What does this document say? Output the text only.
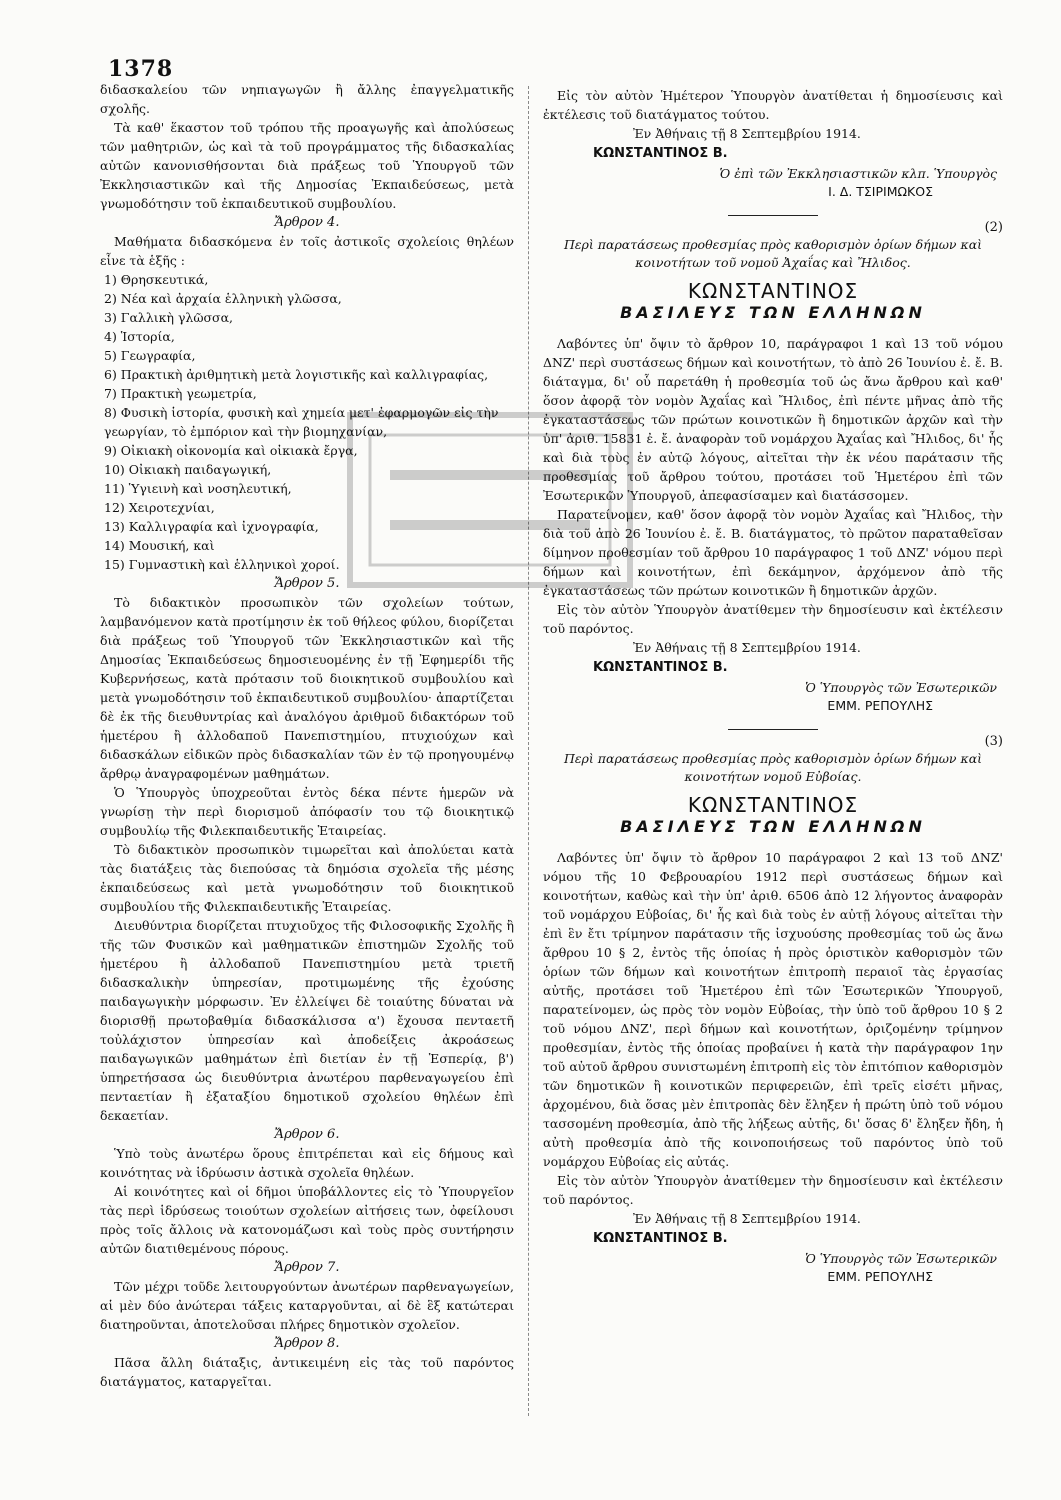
1378

διδασκαλείου τῶν νηπιαγωγῶν ἢ ἄλλης ἐπαγγελματικῆς σχολῆς.

Τὰ καθ' ἕκαστον τοῦ τρόπου τῆς προαγωγῆς καὶ ἀπολύσεως τῶν μαθητριῶν, ὡς καὶ τὰ τοῦ προγράμματος τῆς διδασκαλίας αὐτῶν κανονισθήσονται διὰ πράξεως τοῦ Ὑπουργοῦ τῶν Ἐκκλησιαστικῶν καὶ τῆς Δημοσίας Ἐκπαιδεύσεως, μετὰ γνωμοδότησιν τοῦ ἐκπαιδευτικοῦ συμβουλίου.

Ἄρθρον 4.

Μαθήματα διδασκόμενα ἐν τοῖς ἀστικοῖς σχολείοις θηλέων εἶνε τὰ ἑξῆς :

1) Θρησκευτικά,

2) Νέα καὶ ἀρχαία ἑλληνικὴ γλῶσσα,

3) Γαλλικὴ γλῶσσα,

4) Ἱστορία,

5) Γεωγραφία,

6) Πρακτικὴ ἀριθμητικὴ μετὰ λογιστικῆς καὶ καλλιγραφίας,

7) Πρακτικὴ γεωμετρία,

8) Φυσικὴ ἱστορία, φυσικὴ καὶ χημεία μετ' ἐφαρμογῶν εἰς τὴν γεωργίαν, τὸ ἐμπόριον καὶ τὴν βιομηχανίαν,

9) Οἰκιακὴ οἰκονομία καὶ οἰκιακὰ ἔργα,

10) Οἰκιακὴ παιδαγωγική,

11) Ὑγιεινὴ καὶ νοσηλευτική,

12) Χειροτεχνίαι,

13) Καλλιγραφία καὶ ἰχνογραφία,

14) Μουσική, καὶ

15) Γυμναστικὴ καὶ ἑλληνικοὶ χοροί.

Ἄρθρον 5.

Τὸ διδακτικὸν προσωπικὸν τῶν σχολείων τούτων, λαμβανόμενον κατὰ προτίμησιν ἐκ τοῦ θήλεος φύλου, διορίζεται διὰ πράξεως τοῦ Ὑπουργοῦ τῶν Ἐκκλησιαστικῶν καὶ τῆς Δημοσίας Ἐκπαιδεύσεως δημοσιευομένης ἐν τῇ Ἐφημερίδι τῆς Κυβερνήσεως, κατὰ πρότασιν τοῦ διοικητικοῦ συμβουλίου καὶ μετὰ γνωμοδότησιν τοῦ ἐκπαιδευτικοῦ συμβουλίου· ἀπαρτίζεται δὲ ἐκ τῆς διευθυντρίας καὶ ἀναλόγου ἀριθμοῦ διδακτόρων τοῦ ἡμετέρου ἢ ἀλλοδαποῦ Πανεπιστημίου, πτυχιούχων καὶ διδασκάλων εἰδικῶν πρὸς διδασκαλίαν τῶν ἐν τῷ προηγουμένῳ ἄρθρῳ ἀναγραφομένων μαθημάτων.

Ὁ Ὑπουργὸς ὑποχρεοῦται ἐντὸς δέκα πέντε ἡμερῶν νὰ γνωρίσῃ τὴν περὶ διορισμοῦ ἀπόφασίν του τῷ διοικητικῷ συμβουλίῳ τῆς Φιλεκπαιδευτικῆς Ἑταιρείας.

Τὸ διδακτικὸν προσωπικὸν τιμωρεῖται καὶ ἀπολύεται κατὰ τὰς διατάξεις τὰς διεπούσας τὰ δημόσια σχολεῖα τῆς μέσης ἐκπαιδεύσεως καὶ μετὰ γνωμοδότησιν τοῦ διοικητικοῦ συμβουλίου τῆς Φιλεκπαιδευτικῆς Ἑταιρείας.

Διευθύντρια διορίζεται πτυχιοῦχος τῆς Φιλοσοφικῆς Σχολῆς ἢ τῆς τῶν Φυσικῶν καὶ μαθηματικῶν ἐπιστημῶν Σχολῆς τοῦ ἡμετέρου ἢ ἀλλοδαποῦ Πανεπιστημίου μετὰ τριετῆ διδασκαλικὴν ὑπηρεσίαν, προτιμωμένης τῆς ἐχούσης παιδαγωγικὴν μόρφωσιν. Ἐν ἐλλείψει δὲ τοιαύτης δύναται νὰ διορισθῇ πρωτοβαθμία διδασκάλισσα α') ἔχουσα πενταετῆ τοὐλάχιστον ὑπηρεσίαν καὶ ἀποδείξεις ἀκροάσεως παιδαγωγικῶν μαθημάτων ἐπὶ διετίαν ἐν τῇ Ἑσπερίᾳ, β') ὑπηρετήσασα ὡς διευθύντρια ἀνωτέρου παρθεναγωγείου ἐπὶ πενταετίαν ἢ ἐξαταξίου δημοτικοῦ σχολείου θηλέων ἐπὶ δεκαετίαν.

Ἄρθρον 6.

Ὑπὸ τοὺς ἀνωτέρω ὅρους ἐπιτρέπεται καὶ εἰς δήμους καὶ κοινότητας νὰ ἱδρύωσιν ἀστικὰ σχολεῖα θηλέων.

Αἱ κοινότητες καὶ οἱ δῆμοι ὑποβάλλοντες εἰς τὸ Ὑπουργεῖον τὰς περὶ ἱδρύσεως τοιούτων σχολείων αἰτήσεις των, ὀφείλουσι πρὸς τοῖς ἄλλοις νὰ κατονομάζωσι καὶ τοὺς πρὸς συντήρησιν αὐτῶν διατιθεμένους πόρους.

Ἄρθρον 7.

Τῶν μέχρι τοῦδε λειτουργούντων ἀνωτέρων παρθεναγωγείων, αἱ μὲν δύο ἀνώτεραι τάξεις καταργοῦνται, αἱ δὲ ἓξ κατώτεραι διατηροῦνται, ἀποτελοῦσαι πλήρες δημοτικὸν σχολεῖον.

Ἄρθρον 8.

Πᾶσα ἄλλη διάταξις, ἀντικειμένη εἰς τὰς τοῦ παρόντος διατάγματος, καταργεῖται.

Εἰς τὸν αὐτὸν Ἡμέτερον Ὑπουργὸν ἀνατίθεται ἡ δημοσίευσις καὶ ἐκτέλεσις τοῦ διατάγματος τούτου.

Ἐν Ἀθήναις τῇ 8 Σεπτεμβρίου 1914.

ΚΩΝΣΤΑΝΤΙΝΟΣ Β.

Ὁ ἐπὶ τῶν Ἐκκλησιαστικῶν κλπ. Ὑπουργὸς

Ι. Δ. ΤΣΙΡΙΜΩΚΟΣ

(2)

Περὶ παρατάσεως προθεσμίας πρὸς καθορισμὸν ὁρίων δήμων καὶ κοινοτήτων τοῦ νομοῦ Ἀχαΐας καὶ Ἤλιδος.

ΚΩΝΣΤΑΝΤΙΝΟΣ

ΒΑΣΙΛΕΥΣ ΤΩΝ ΕΛΛΗΝΩΝ

Λαβόντες ὑπ' ὄψιν τὸ ἄρθρον 10, παράγραφοι 1 καὶ 13 τοῦ νόμου ΔΝΖ' περὶ συστάσεως δήμων καὶ κοινοτήτων, τὸ ἀπὸ 26 Ἰουνίου ἐ. ἔ. Β. διάταγμα, δι' οὗ παρετάθη ἡ προθεσμία τοῦ ὡς ἄνω ἄρθρου καὶ καθ' ὅσον ἀφορᾷ τὸν νομὸν Ἀχαΐας καὶ Ἤλιδος, ἐπὶ πέντε μῆνας ἀπὸ τῆς ἐγκαταστάσεως τῶν πρώτων κοινοτικῶν ἢ δημοτικῶν ἀρχῶν καὶ τὴν ὑπ' ἀριθ. 15831 ἐ. ἔ. ἀναφορὰν τοῦ νομάρχου Ἀχαΐας καὶ Ἤλιδος, δι' ἧς καὶ διὰ τοὺς ἐν αὐτῷ λόγους, αἰτεῖται τὴν ἐκ νέου παράτασιν τῆς προθεσμίας τοῦ ἄρθρου τούτου, προτάσει τοῦ Ἡμετέρου ἐπὶ τῶν Ἐσωτερικῶν Ὑπουργοῦ, ἀπεφασίσαμεν καὶ διατάσσομεν.

Παρατείνομεν, καθ' ὅσον ἀφορᾷ τὸν νομὸν Ἀχαΐας καὶ Ἤλιδος, τὴν διὰ τοῦ ἀπὸ 26 Ἰουνίου ἐ. ἔ. Β. διατάγματος, τὸ πρῶτον παραταθεῖσαν δίμηνον προθεσμίαν τοῦ ἄρθρου 10 παράγραφος 1 τοῦ ΔΝΖ' νόμου περὶ δήμων καὶ κοινοτήτων, ἐπὶ δεκάμηνον, ἀρχόμενον ἀπὸ τῆς ἐγκαταστάσεως τῶν πρώτων κοινοτικῶν ἢ δημοτικῶν ἀρχῶν.

Εἰς τὸν αὐτὸν Ὑπουργὸν ἀνατίθεμεν τὴν δημοσίευσιν καὶ ἐκτέλεσιν τοῦ παρόντος.

Ἐν Ἀθήναις τῇ 8 Σεπτεμβρίου 1914.

ΚΩΝΣΤΑΝΤΙΝΟΣ Β.

Ὁ Ὑπουργὸς τῶν Ἐσωτερικῶν

ΕΜΜ. ΡΕΠΟΥΛΗΣ

(3)

Περὶ παρατάσεως προθεσμίας πρὸς καθορισμὸν ὁρίων δήμων καὶ κοινοτήτων νομοῦ Εὐβοίας.

ΚΩΝΣΤΑΝΤΙΝΟΣ

ΒΑΣΙΛΕΥΣ ΤΩΝ ΕΛΛΗΝΩΝ

Λαβόντες ὑπ' ὄψιν τὸ ἄρθρον 10 παράγραφοι 2 καὶ 13 τοῦ ΔΝΖ' νόμου τῆς 10 Φεβρουαρίου 1912 περὶ συστάσεως δήμων καὶ κοινοτήτων, καθὼς καὶ τὴν ὑπ' ἀριθ. 6506 ἀπὸ 12 λήγοντος ἀναφορὰν τοῦ νομάρχου Εὐβοίας, δι' ἧς καὶ διὰ τοὺς ἐν αὐτῇ λόγους αἰτεῖται τὴν ἐπὶ ἓν ἔτι τρίμηνον παράτασιν τῆς ἰσχυούσης προθεσμίας τοῦ ὡς ἄνω ἄρθρου 10 § 2, ἐντὸς τῆς ὁποίας ἡ πρὸς ὁριστικὸν καθορισμὸν τῶν ὁρίων τῶν δήμων καὶ κοινοτήτων ἐπιτροπὴ περαιοῖ τὰς ἐργασίας αὐτῆς, προτάσει τοῦ Ἡμετέρου ἐπὶ τῶν Ἐσωτερικῶν Ὑπουργοῦ, παρατείνομεν, ὡς πρὸς τὸν νομὸν Εὐβοίας, τὴν ὑπὸ τοῦ ἄρθρου 10 § 2 τοῦ νόμου ΔΝΖ', περὶ δήμων καὶ κοινοτήτων, ὁριζομένην τρίμηνον προθεσμίαν, ἐντὸς τῆς ὁποίας προβαίνει ἡ κατὰ τὴν παράγραφον 1ην τοῦ αὐτοῦ ἄρθρου συνιστωμένη ἐπιτροπὴ εἰς τὸν ἐπιτόπιον καθορισμὸν τῶν δημοτικῶν ἢ κοινοτικῶν περιφερειῶν, ἐπὶ τρεῖς εἰσέτι μῆνας, ἀρχομένου, διὰ ὅσας μὲν ἐπιτροπὰς δὲν ἔληξεν ἡ πρώτη ὑπὸ τοῦ νόμου τασσομένη προθεσμία, ἀπὸ τῆς λήξεως αὐτῆς, δι' ὅσας δ' ἔληξεν ἤδη, ἡ αὐτὴ προθεσμία ἀπὸ τῆς κοινοποιήσεως τοῦ παρόντος ὑπὸ τοῦ νομάρχου Εὐβοίας εἰς αὐτάς.

Εἰς τὸν αὐτὸν Ὑπουργὸν ἀνατίθεμεν τὴν δημοσίευσιν καὶ ἐκτέλεσιν τοῦ παρόντος.

Ἐν Ἀθήναις τῇ 8 Σεπτεμβρίου 1914.

ΚΩΝΣΤΑΝΤΙΝΟΣ Β.

Ὁ Ὑπουργὸς τῶν Ἐσωτερικῶν

ΕΜΜ. ΡΕΠΟΥΛΗΣ
